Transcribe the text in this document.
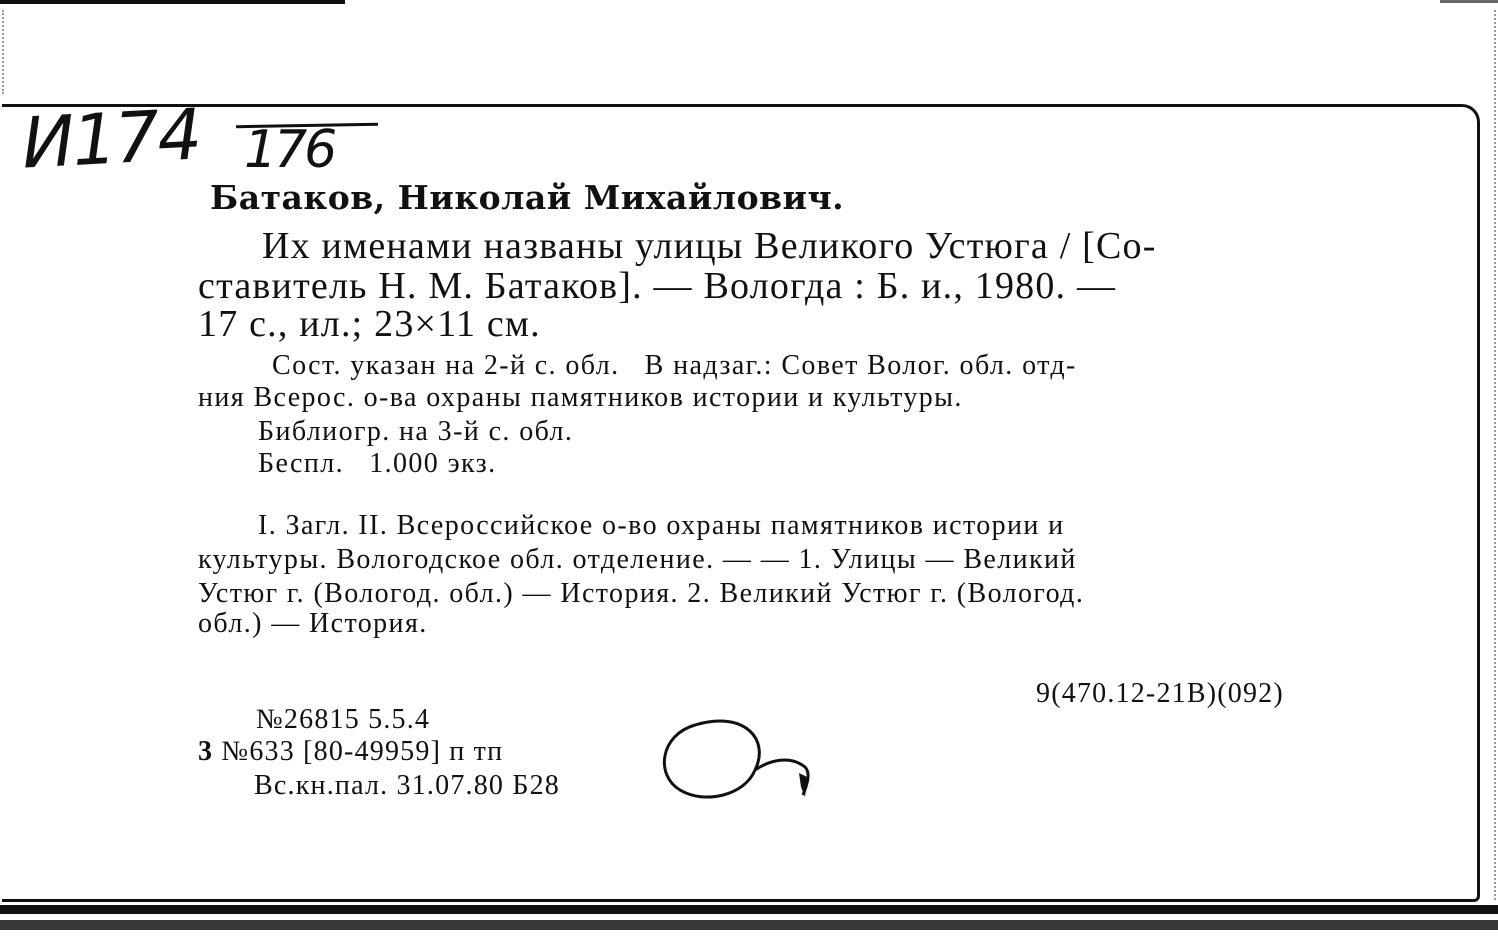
И174 176
Батаков, Николай Михайлович.
Их именами названы улицы Великого Устюга / [Со-
ставитель Н. М. Батаков]. — Вологда : Б. и., 1980. —
17 с., ил.; 23×11 см.
Сост. указан на 2-й с. обл.   В надзаг.: Совет Волог. обл. отд-
ния Всерос. о-ва охраны памятников истории и культуры.
Библиогр. на 3-й с. обл.
Беспл.   1.000 экз.
I. Загл. II. Всероссийское о-во охраны памятников истории и
культуры. Вологодское обл. отделение. — — 1. Улицы — Великий
Устюг г. (Вологод. обл.) — История. 2. Великий Устюг г. (Вологод.
обл.) — История.
9(470.12-21В)(092)
№26815 5.5.4
3 №633 [80-49959] п тп
Вс.кн.пал. 31.07.80 Б28
